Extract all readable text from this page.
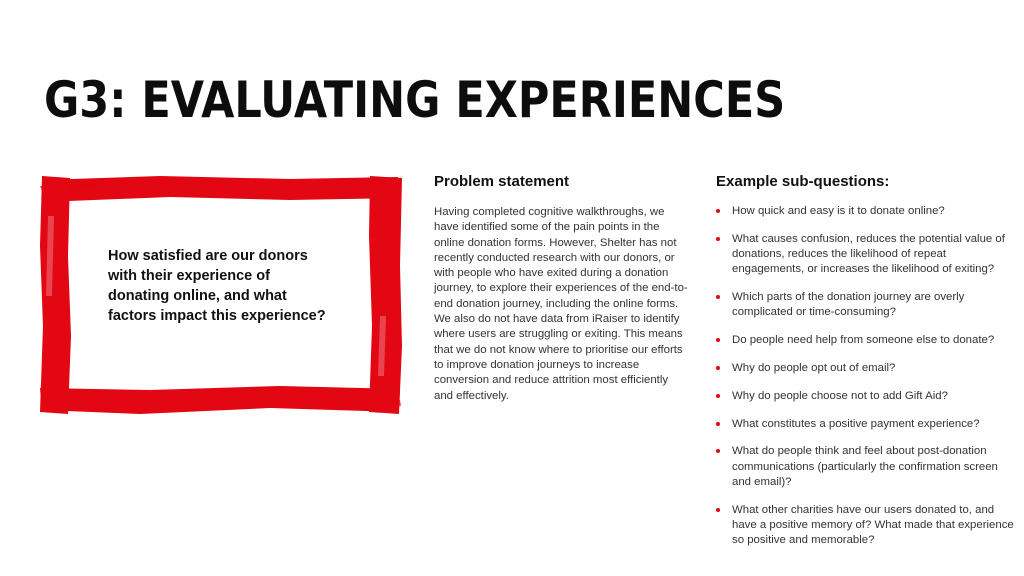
G3: EVALUATING EXPERIENCES

How satisfied are our donors with their experience of donating online, and what factors impact this experience?

Problem statement

Having completed cognitive walkthroughs, we have identified some of the pain points in the online donation forms. However, Shelter has not recently conducted research with our donors, or with people who have exited during a donation journey, to explore their experiences of the end-to-end donation journey, including the online forms. We also do not have data from iRaiser to identify where users are struggling or exiting. This means that we do not know where to prioritise our efforts to improve donation journeys to increase conversion and reduce attrition most efficiently and effectively.

Example sub-questions:
How quick and easy is it to donate online?
What causes confusion, reduces the potential value of donations, reduces the likelihood of repeat engagements, or increases the likelihood of exiting?
Which parts of the donation journey are overly complicated or time-consuming?
Do people need help from someone else to donate?
Why do people opt out of email?
Why do people choose not to add Gift Aid?
What constitutes a positive payment experience?
What do people think and feel about post-donation communications (particularly the confirmation screen and email)?
What other charities have our users donated to, and have a positive memory of? What made that experience so positive and memorable?
